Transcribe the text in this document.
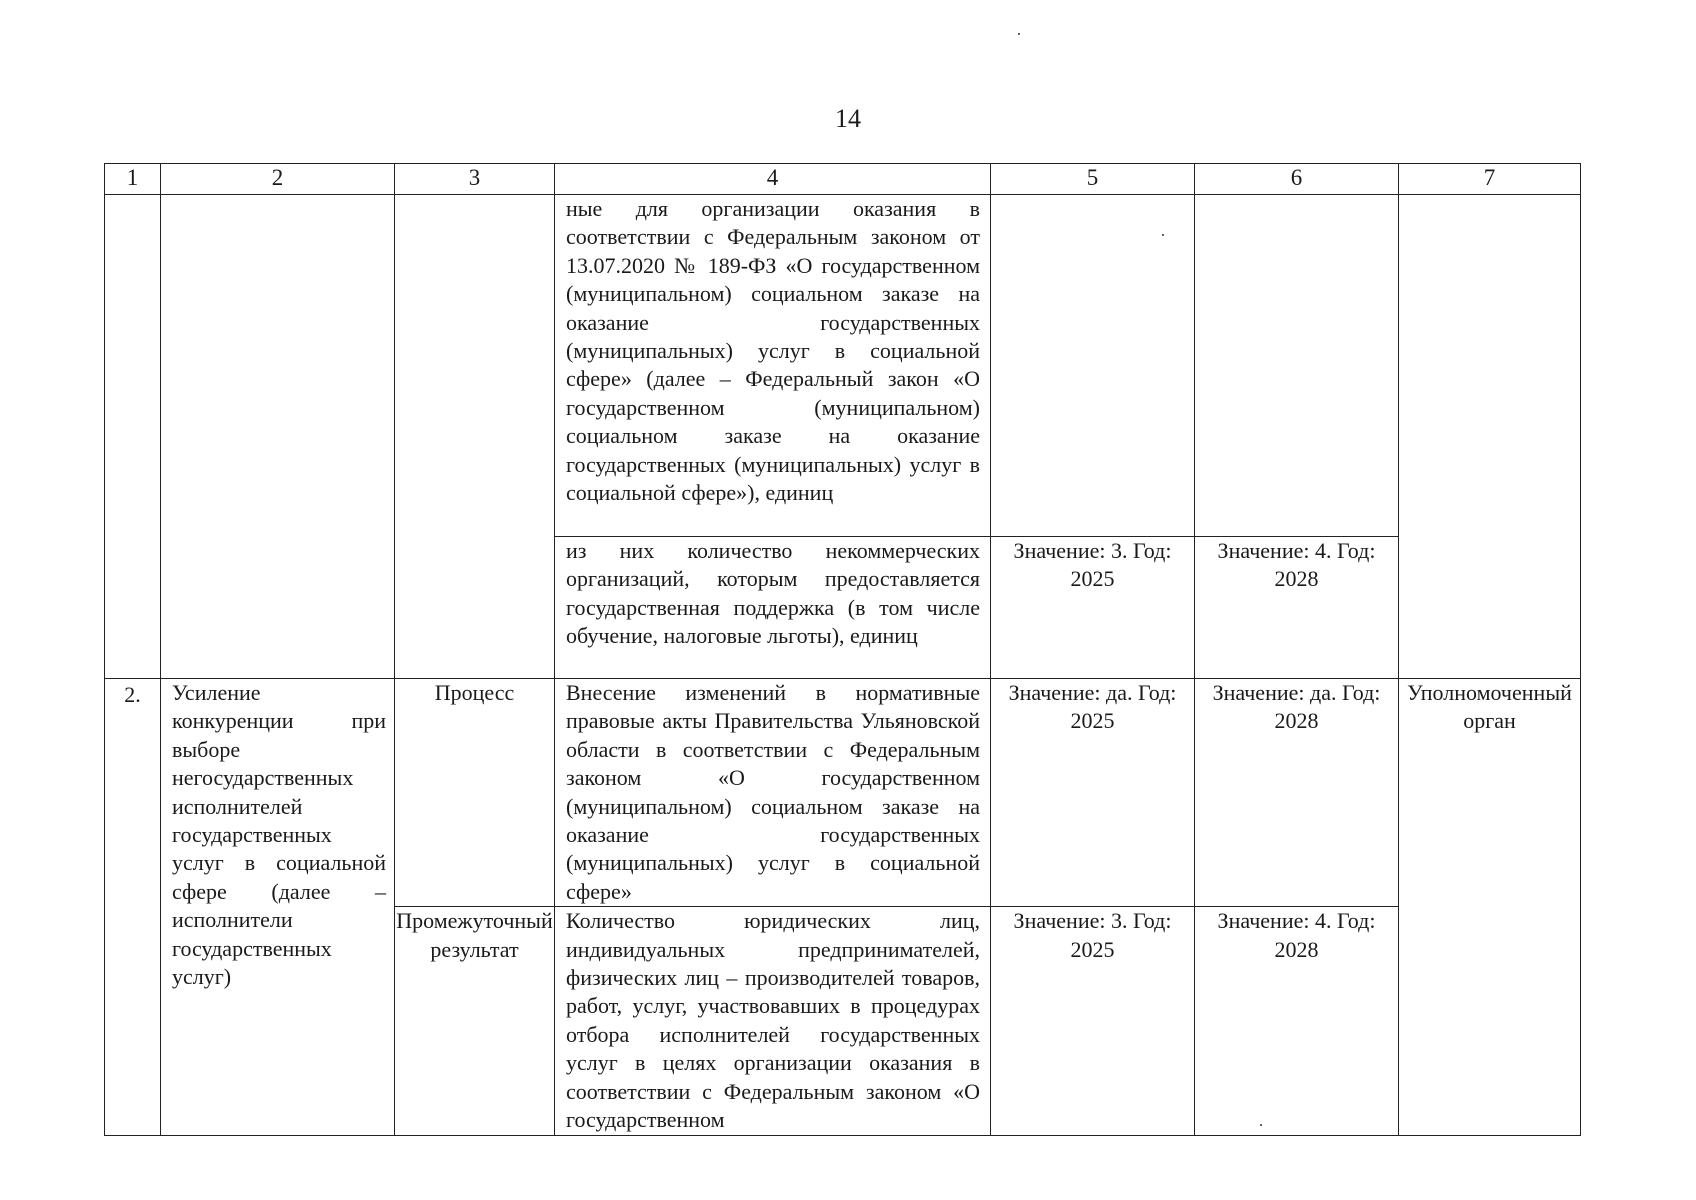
14
1	2	3	4	5	6	7
			ные для организации оказания в соответствии с Федеральным законом от 13.07.2020 № 189-ФЗ «О государственном (муниципальном) социальном заказе на оказание государственных (муниципальных) услуг в социальной сфере» (далее – Федеральный закон «О государственном (муниципальном) социальном заказе на оказание государственных (муниципальных) услуг в социальной сфере»), единиц			
			из них количество некоммерческих организаций, которым предоставляется государственная поддержка (в том числе обучение, налоговые льготы), единиц	Значение: 3. Год: 2025	Значение: 4. Год: 2028	
2.	Усиление конкуренции при выборе негосударственных исполнителей государственных услуг в социальной сфере (далее – исполнители государственных услуг)	Процесс	Внесение изменений в нормативные правовые акты Правительства Ульяновской области в соответствии с Федеральным законом «О государственном (муниципальном) социальном заказе на оказание государственных (муниципальных) услуг в социальной сфере»	Значение: да. Год: 2025	Значение: да. Год: 2028	Уполномоченный орган
		Промежуточный результат	Количество юридических лиц, индивидуальных предпринимателей, физических лиц – производителей товаров, работ, услуг, участвовавших в процедурах отбора исполнителей государственных услуг в целях организации оказания в соответствии с Федеральным законом «О государственном	Значение: 3. Год: 2025	Значение: 4. Год: 2028	
